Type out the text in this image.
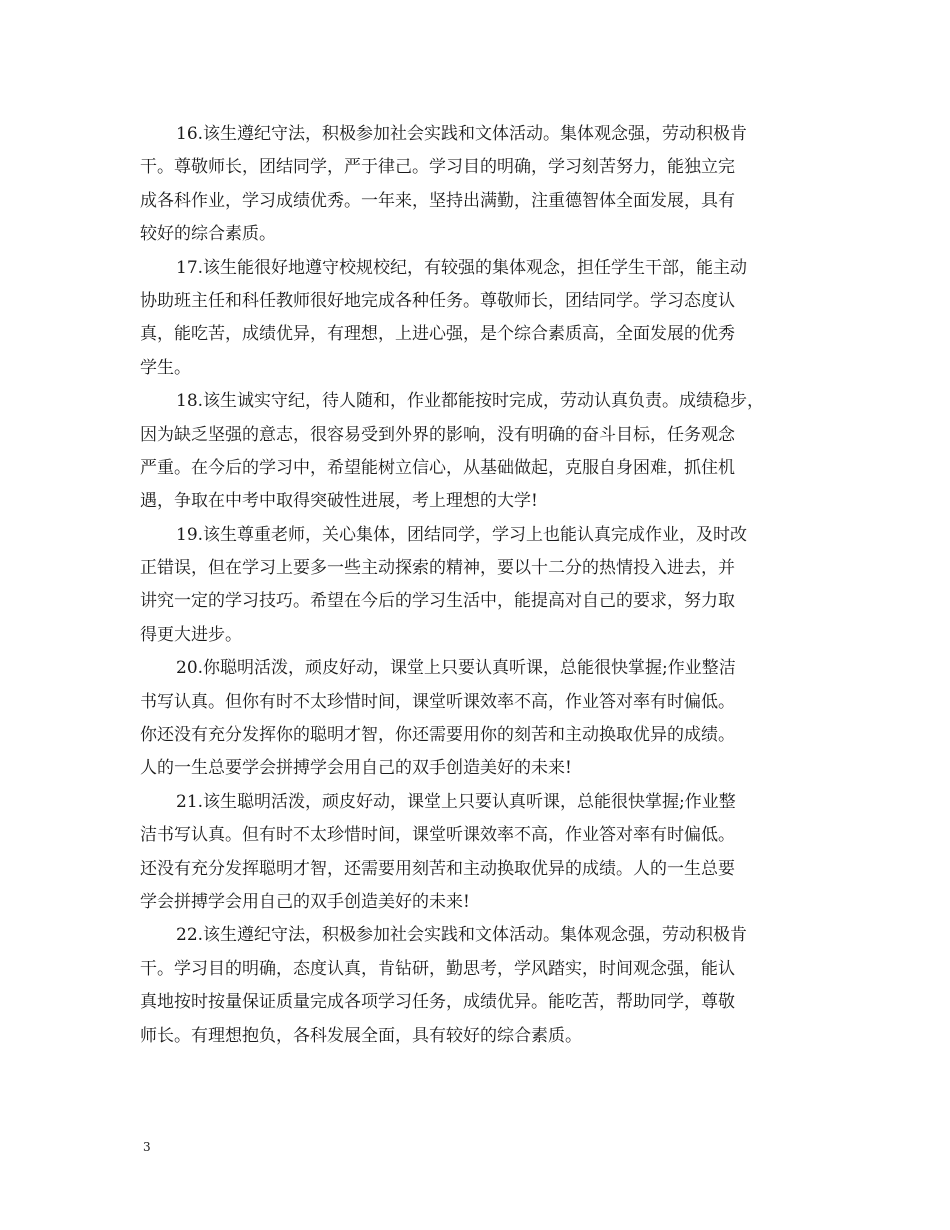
16.该生遵纪守法，积极参加社会实践和文体活动。集体观念强，劳动积极肯
干。尊敬师长，团结同学，严于律己。学习目的明确，学习刻苦努力，能独立完
成各科作业，学习成绩优秀。一年来，坚持出满勤，注重德智体全面发展，具有
较好的综合素质。

17.该生能很好地遵守校规校纪，有较强的集体观念，担任学生干部，能主动
协助班主任和科任教师很好地完成各种任务。尊敬师长，团结同学。学习态度认
真，能吃苦，成绩优异，有理想，上进心强，是个综合素质高，全面发展的优秀
学生。

18.该生诚实守纪，待人随和，作业都能按时完成，劳动认真负责。成绩稳步，
因为缺乏坚强的意志，很容易受到外界的影响，没有明确的奋斗目标，任务观念
严重。在今后的学习中，希望能树立信心，从基础做起，克服自身困难，抓住机
遇，争取在中考中取得突破性进展，考上理想的大学!

19.该生尊重老师，关心集体，团结同学，学习上也能认真完成作业，及时改
正错误，但在学习上要多一些主动探索的精神，要以十二分的热情投入进去，并
讲究一定的学习技巧。希望在今后的学习生活中，能提高对自己的要求，努力取
得更大进步。

20.你聪明活泼，顽皮好动，课堂上只要认真听课，总能很快掌握;作业整洁
书写认真。但你有时不太珍惜时间，课堂听课效率不高，作业答对率有时偏低。
你还没有充分发挥你的聪明才智，你还需要用你的刻苦和主动换取优异的成绩。
人的一生总要学会拼搏学会用自己的双手创造美好的未来!

21.该生聪明活泼，顽皮好动，课堂上只要认真听课，总能很快掌握;作业整
洁书写认真。但有时不太珍惜时间，课堂听课效率不高，作业答对率有时偏低。
还没有充分发挥聪明才智，还需要用刻苦和主动换取优异的成绩。人的一生总要
学会拼搏学会用自己的双手创造美好的未来!

22.该生遵纪守法，积极参加社会实践和文体活动。集体观念强，劳动积极肯
干。学习目的明确，态度认真，肯钻研，勤思考，学风踏实，时间观念强，能认
真地按时按量保证质量完成各项学习任务，成绩优异。能吃苦，帮助同学，尊敬
师长。有理想抱负，各科发展全面，具有较好的综合素质。

3
